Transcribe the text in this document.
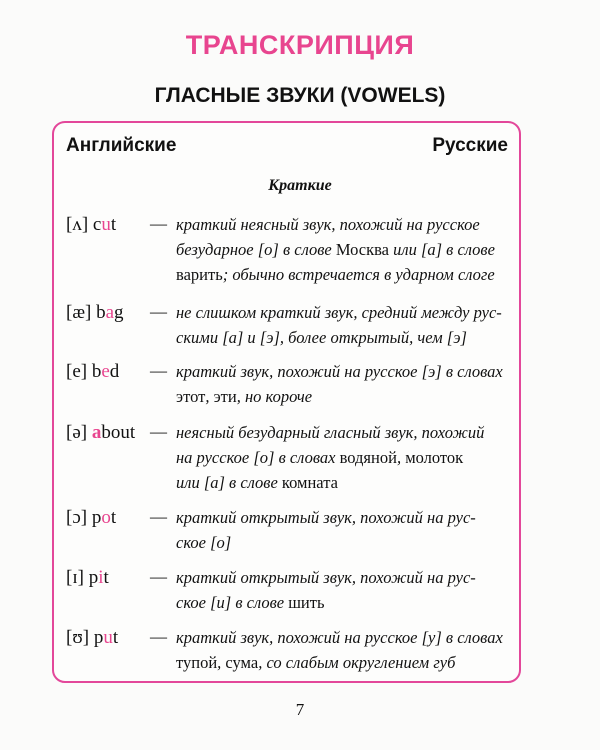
ТРАНСКРИПЦИЯ
ГЛАСНЫЕ ЗВУКИ (VOWELS)
Английские	Русские
Краткие
[ʌ] cut — краткий неясный звук, похожий на русское
безударное [о] в слове Москва или [а] в слове
варить; обычно встречается в ударном слоге
[æ] bag — не слишком краткий звук, средний между рус-
скими [а] и [э], более открытый, чем [э]
[e] bed — краткий звук, похожий на русское [э] в словах
этот, эти, но короче
[ə] about — неясный безударный гласный звук, похожий
на русское [о] в словах водяной, молоток
или [а] в слове комната
[ɔ] pot — краткий открытый звук, похожий на рус-
ское [о]
[ɪ] pit — краткий открытый звук, похожий на рус-
ское [и] в слове шить
[ʊ] put — краткий звук, похожий на русское [у] в словах
тупой, сума, со слабым округлением губ
7
